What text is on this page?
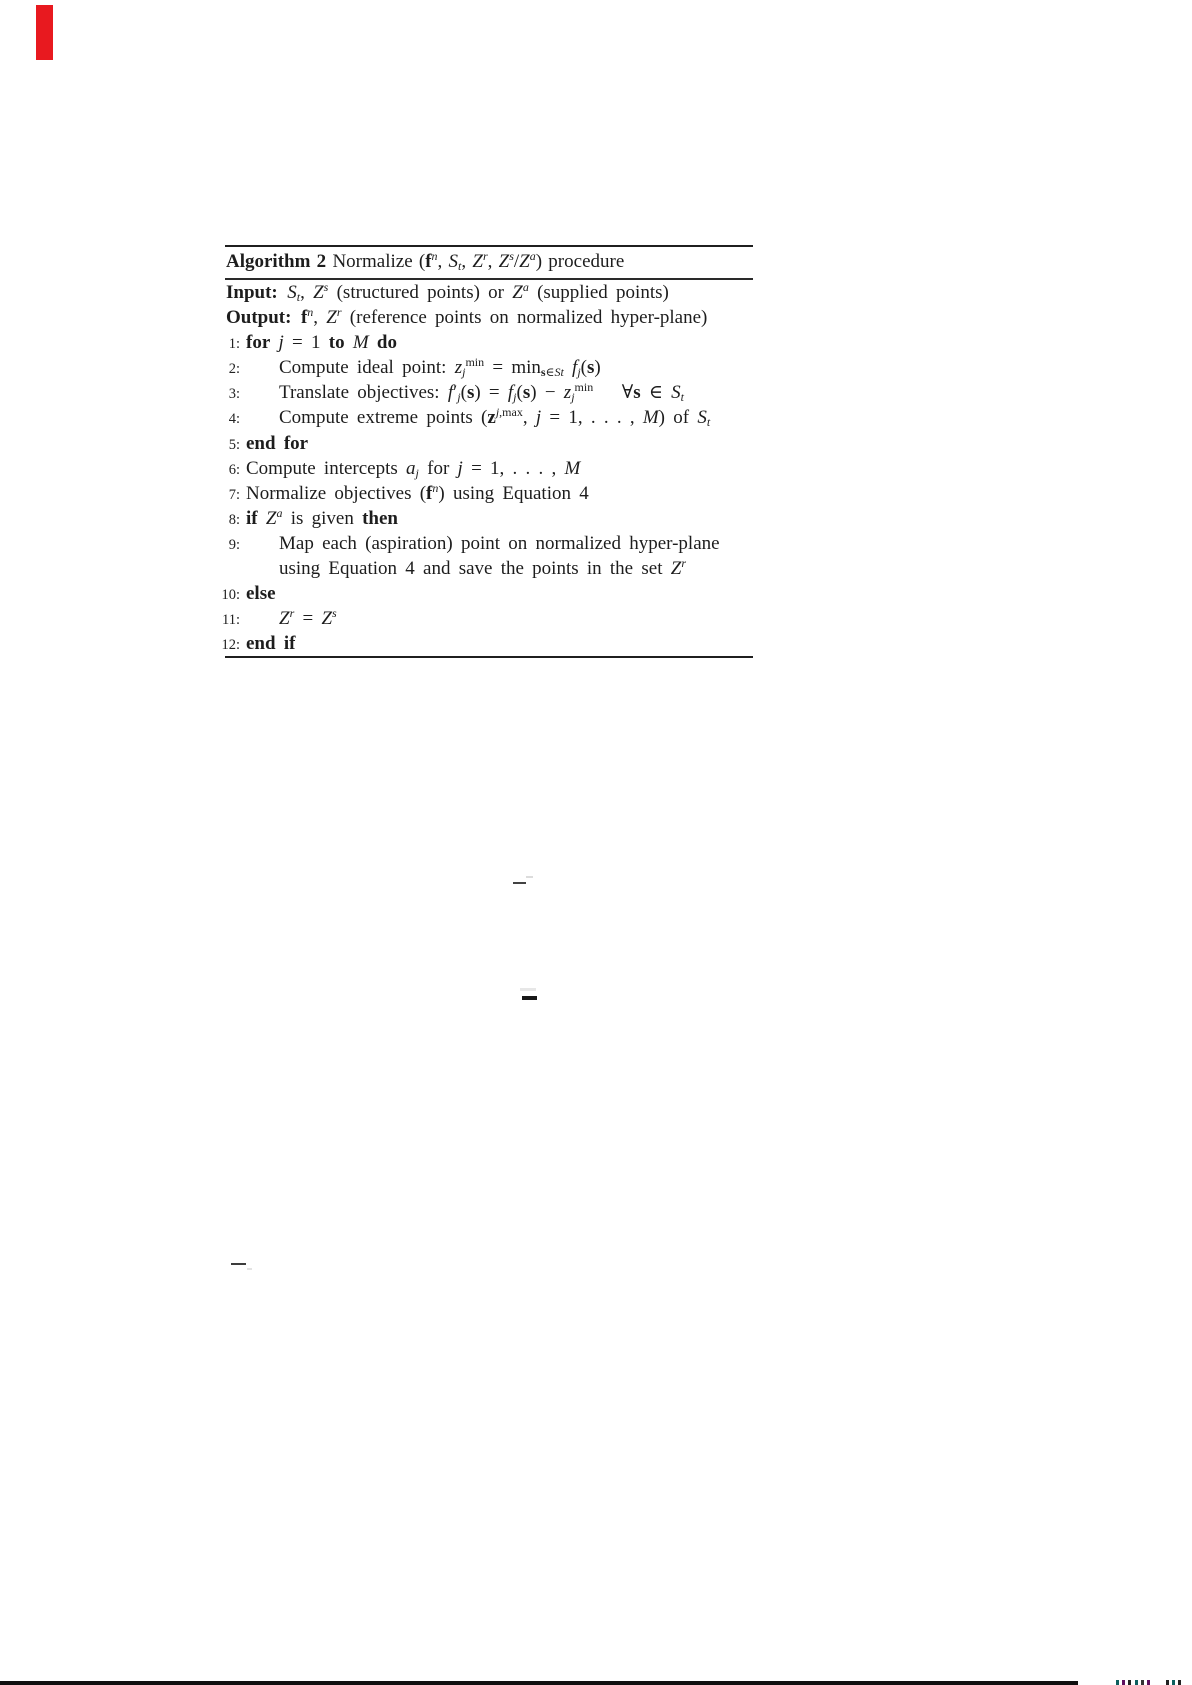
Algorithm 2 Normalize ($f^n$, $S_t$, $Z^r$, $Z^s/Z^a$) procedure
Input:  $S_t$, $Z^s$ (structured points) or $Z^a$ (supplied points)
Output:  $f^n$, $Z^r$ (reference points on normalized hyper-plane)
1: for j = 1 to M do
2: Compute ideal point: $z_j^{min} = \min_{s\in St} f_j(s)$
3: Translate objectives: $f'_j(s) = f_j(s) - z_j^{min}$  ∀s ∈ $S_t$
4: Compute extreme points ($z^{j,max}$, j = 1, . . . , M) of $S_t$
5: end for
6: Compute intercepts $a_j$ for j = 1, . . . , M
7: Normalize objectives $(f^n)$ using Equation 4
8: if $Z^a$ is given then
9: Map each (aspiration) point on normalized hyper-plane
using Equation 4 and save the points in the set $Z^r$
10: else
11: $Z^r = Z^s$
12: end if
